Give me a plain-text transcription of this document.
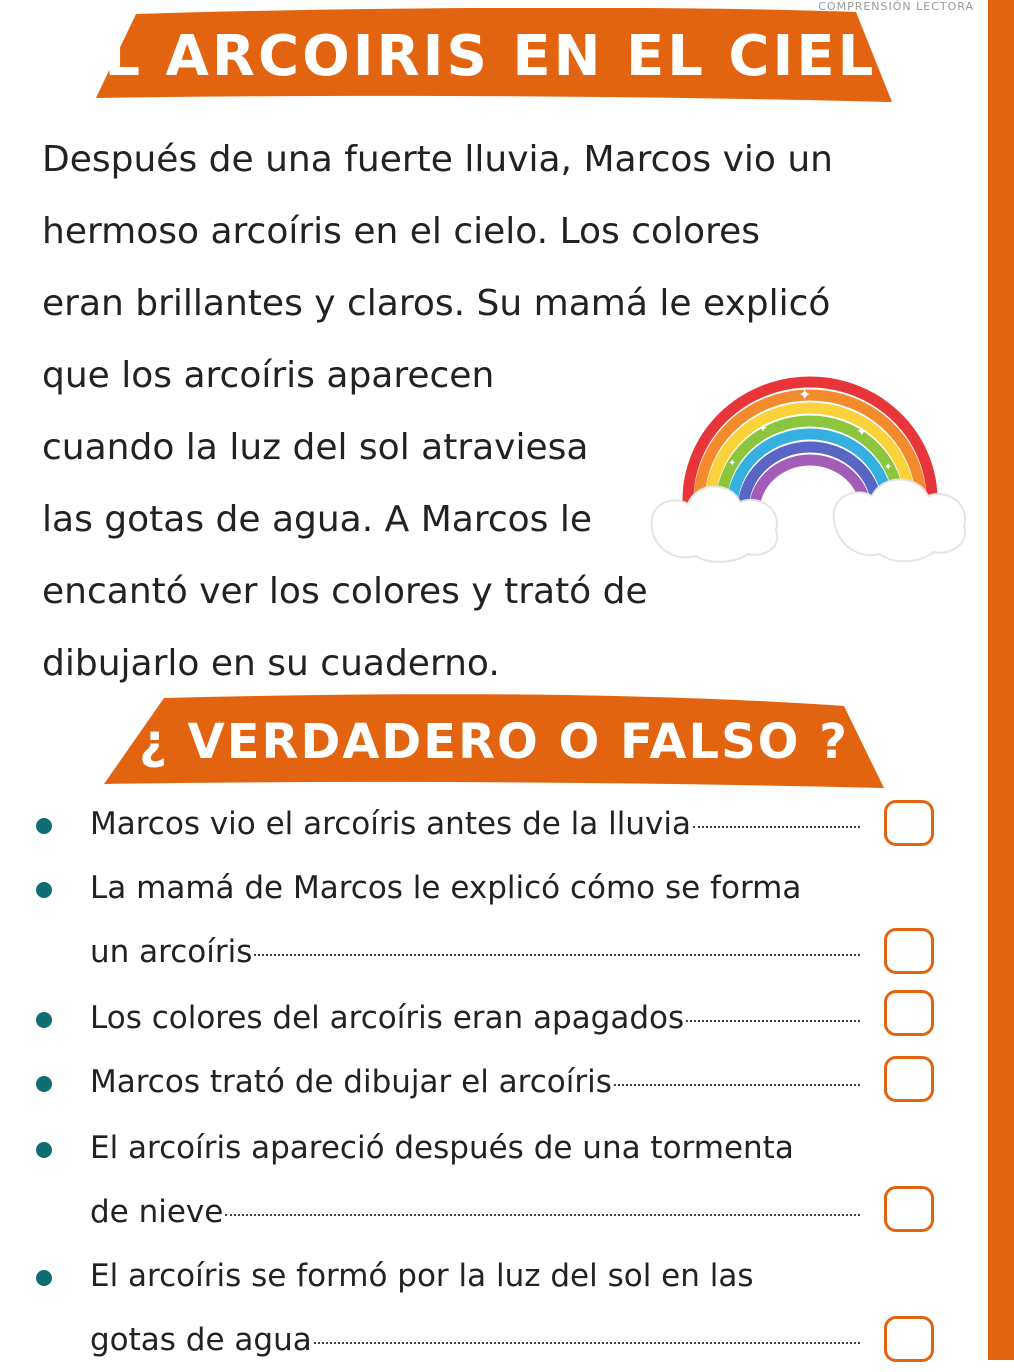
COMPRENSIÓN LECTORA
EL ARCOIRIS EN EL CIELO
Después de una fuerte lluvia, Marcos vio un
hermoso arcoíris en el cielo. Los colores
eran brillantes y claros. Su mamá le explicó
que los arcoíris aparecen
cuando la luz del sol atraviesa
las gotas de agua. A Marcos le
encantó ver los colores y trató de
dibujarlo en su cuaderno.
✦
✦	✦
✦	✦
¿ VERDADERO O FALSO ?
Marcos vio el arcoíris antes de la lluvia
La mamá de Marcos le explicó cómo se forma
un arcoíris
Los colores del arcoíris eran apagados
Marcos trató de dibujar el arcoíris
El arcoíris apareció después de una tormenta
de nieve
El arcoíris se formó por la luz del sol en las
gotas de agua
